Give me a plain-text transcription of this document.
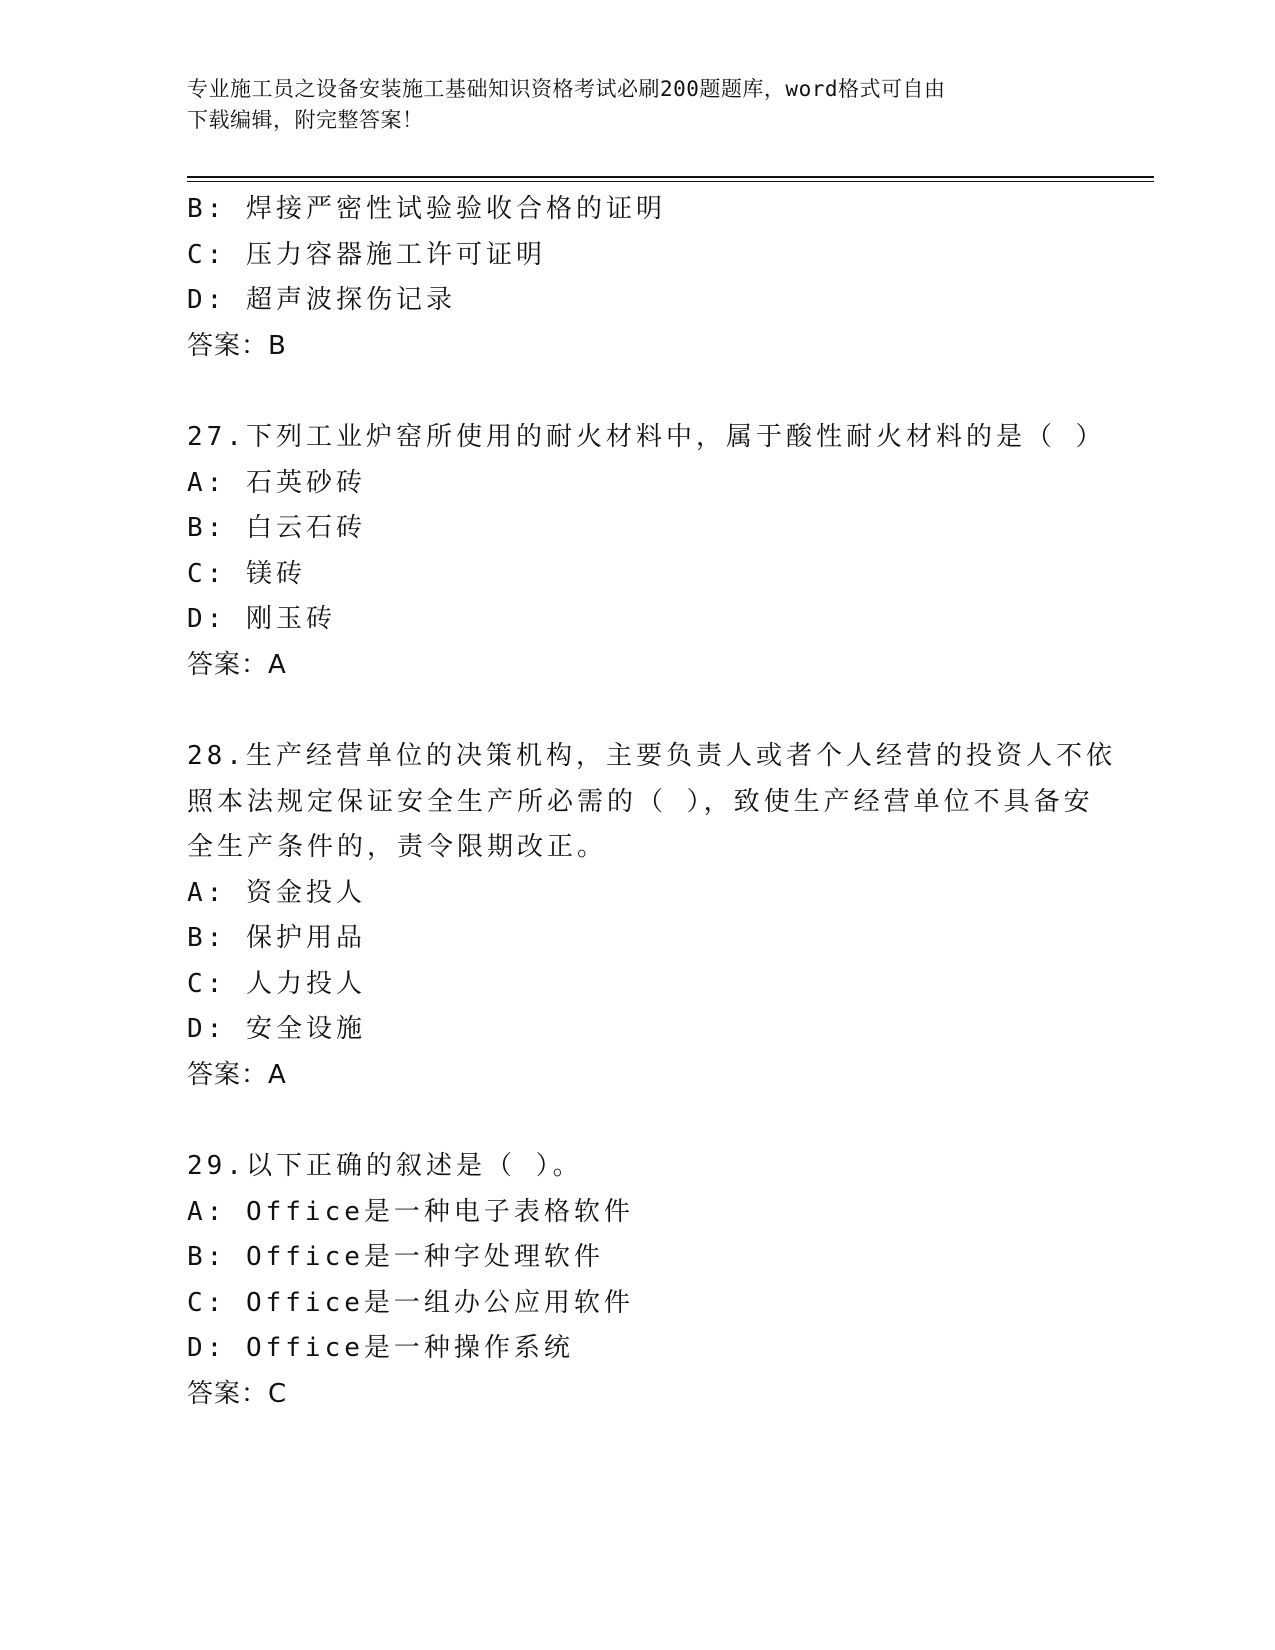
专业施工员之设备安装施工基础知识资格考试必刷200题题库，word格式可自由
下载编辑，附完整答案！
B: 焊接严密性试验验收合格的证明
C: 压力容器施工许可证明
D: 超声波探伤记录
答案：B
27.下列工业炉窑所使用的耐火材料中，属于酸性耐火材料的是（ ）
A: 石英砂砖
B: 白云石砖
C: 镁砖
D: 刚玉砖
答案：A
28.生产经营单位的决策机构，主要负责人或者个人经营的投资人不依
照本法规定保证安全生产所必需的（ ），致使生产经营单位不具备安
全生产条件的，责令限期改正。
A: 资金投人
B: 保护用品
C: 人力投人
D: 安全设施
答案：A
29.以下正确的叙述是（ ）。
A: Office是一种电子表格软件
B: Office是一种字处理软件
C: Office是一组办公应用软件
D: Office是一种操作系统
答案：C
